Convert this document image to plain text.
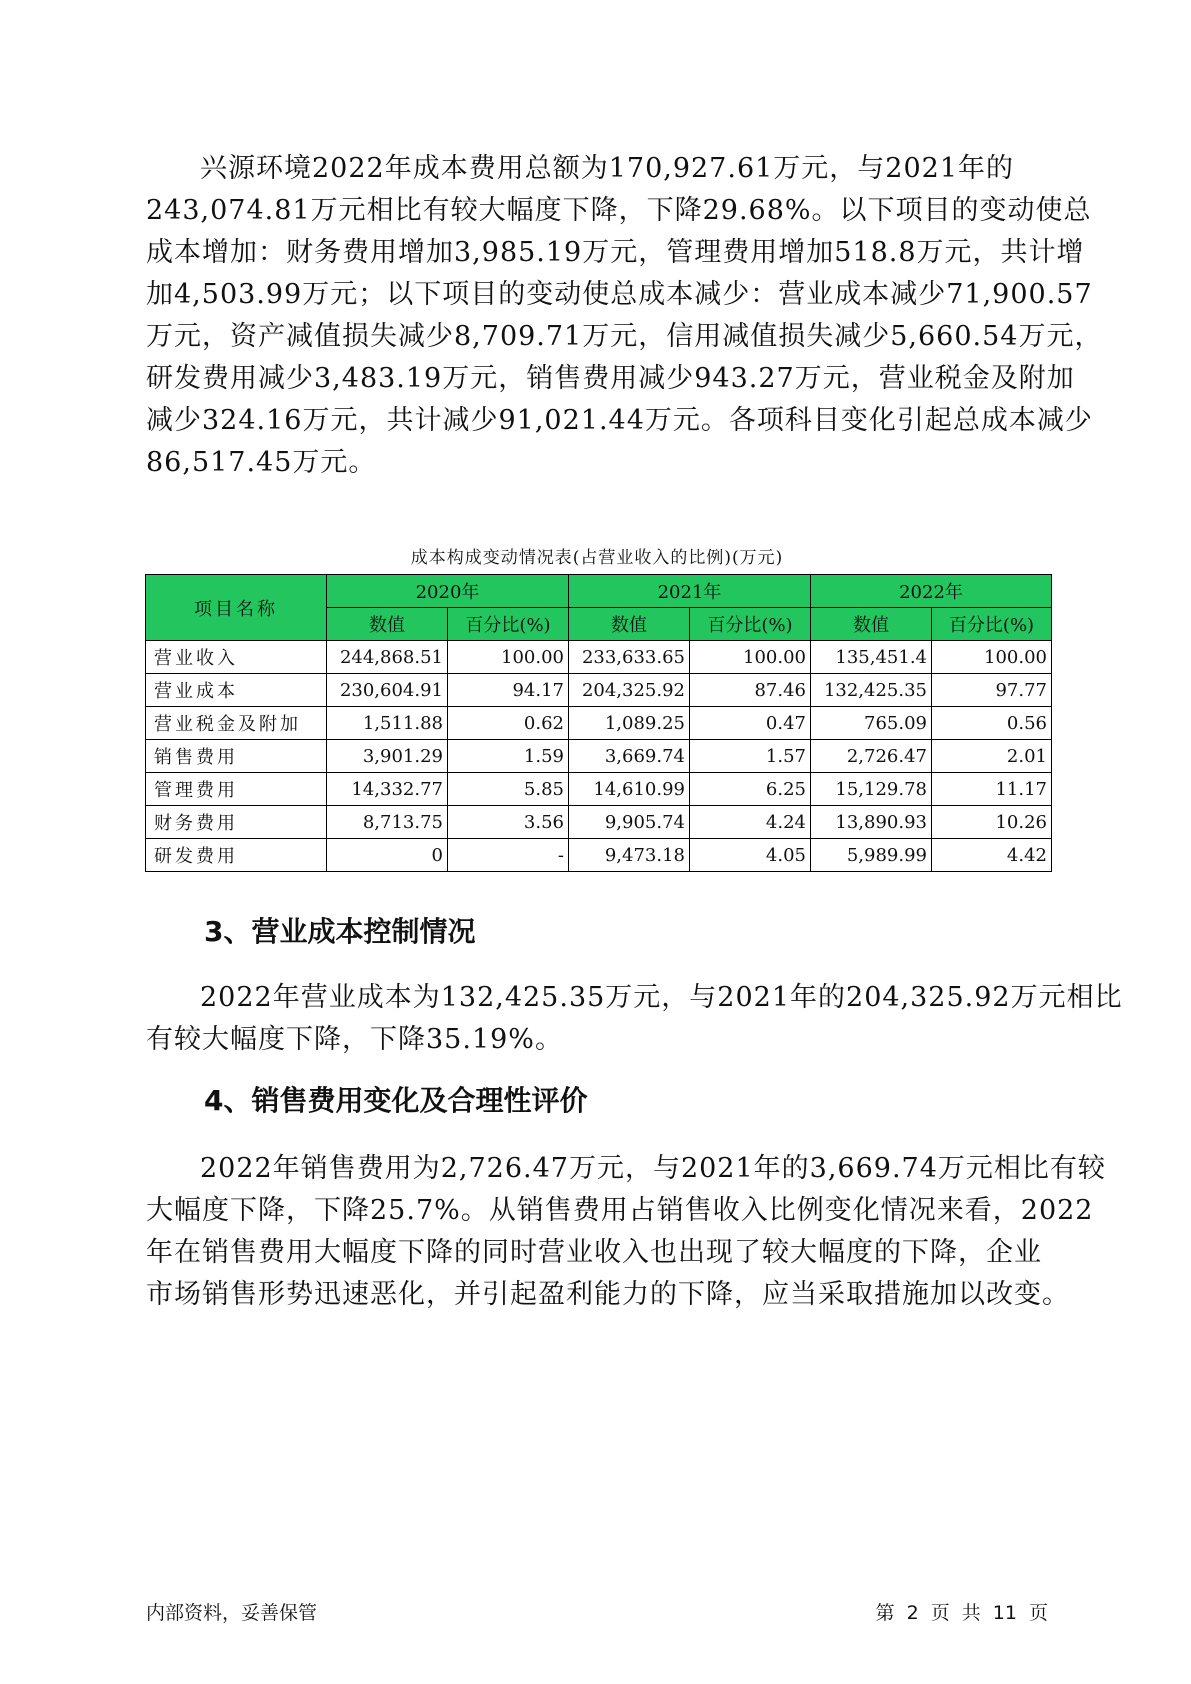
兴源环境2022年成本费用总额为170,927.61万元，与2021年的
243,074.81万元相比有较大幅度下降，下降29.68%。以下项目的变动使总
成本增加：财务费用增加3,985.19万元，管理费用增加518.8万元，共计增
加4,503.99万元；以下项目的变动使总成本减少：营业成本减少71,900.57
万元，资产减值损失减少8,709.71万元，信用减值损失减少5,660.54万元，
研发费用减少3,483.19万元，销售费用减少943.27万元，营业税金及附加
减少324.16万元，共计减少91,021.44万元。各项科目变化引起总成本减少
86,517.45万元。

成本构成变动情况表(占营业收入的比例)(万元)
项目名称	2020年		2021年		2022年	
	数值	百分比(%)	数值	百分比(%)	数值	百分比(%)
营业收入	244,868.51	100.00	233,633.65	100.00	135,451.4	100.00
营业成本	230,604.91	94.17	204,325.92	87.46	132,425.35	97.77
营业税金及附加	1,511.88	0.62	1,089.25	0.47	765.09	0.56
销售费用	3,901.29	1.59	3,669.74	1.57	2,726.47	2.01
管理费用	14,332.77	5.85	14,610.99	6.25	15,129.78	11.17
财务费用	8,713.75	3.56	9,905.74	4.24	13,890.93	10.26
研发费用	0	-	9,473.18	4.05	5,989.99	4.42
3、营业成本控制情况

2022年营业成本为132,425.35万元，与2021年的204,325.92万元相比
有较大幅度下降，下降35.19%。

4、销售费用变化及合理性评价

2022年销售费用为2,726.47万元，与2021年的3,669.74万元相比有较
大幅度下降，下降25.7%。从销售费用占销售收入比例变化情况来看，2022
年在销售费用大幅度下降的同时营业收入也出现了较大幅度的下降，企业
市场销售形势迅速恶化，并引起盈利能力的下降，应当采取措施加以改变。

内部资料，妥善保管	第 2 页 共 11 页
